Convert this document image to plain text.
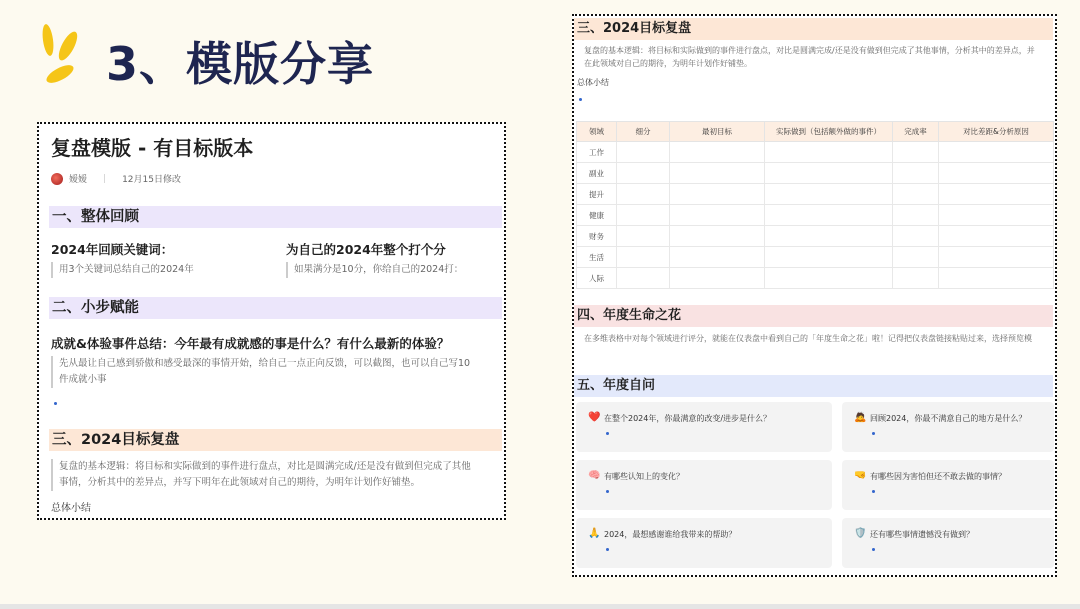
3、模版分享
复盘模版 - 有目标版本
嫒嫒 | 12月15日修改
一、整体回顾
2024年回顾关键词：
用3个关键词总结自己的2024年
为自己的2024年整个打个分
如果满分是10分，你给自己的2024打：
二、小步赋能
成就&体验事件总结：今年最有成就感的事是什么？有什么最新的体验？
先从最让自己感到骄傲和感受最深的事情开始，给自己一点正向反馈，可以截图，也可以自己写10
件成就小事
三、2024目标复盘
复盘的基本逻辑：将目标和实际做到的事件进行盘点，对比是圆满完成/还是没有做到但完成了其他
事情，分析其中的差异点，并写下明年在此领域对自己的期待，为明年计划作好铺垫。
总体小结
三、2024目标复盘
复盘的基本逻辑：将目标和实际做到的事件进行盘点，对比是圆满完成/还是没有做到但完成了其他事情，分析其中的差异点，并
在此领域对自己的期待，为明年计划作好铺垫。
总体小结
领域	细分	最初目标	实际做到（包括额外做的事件）	完成率	对比差距&分析原因
工作					
副业					
提升					
健康					
财务					
生活					
人际					
四、年度生命之花
在多维表格中对每个领域进行评分，就能在仪表盘中看到自己的「年度生命之花」啦！记得把仪表盘链接粘贴过来，选择预览模
五、年度自问
❤️ 在整个2024年，你最满意的改变/进步是什么？	🙇 回顾2024，你最不满意自己的地方是什么？
🧠 有哪些认知上的变化？	🤜 有哪些因为害怕但还不敢去做的事情？
🙏 2024，最想感谢谁给我带来的帮助？	🛡️ 还有哪些事情遗憾没有做到？
